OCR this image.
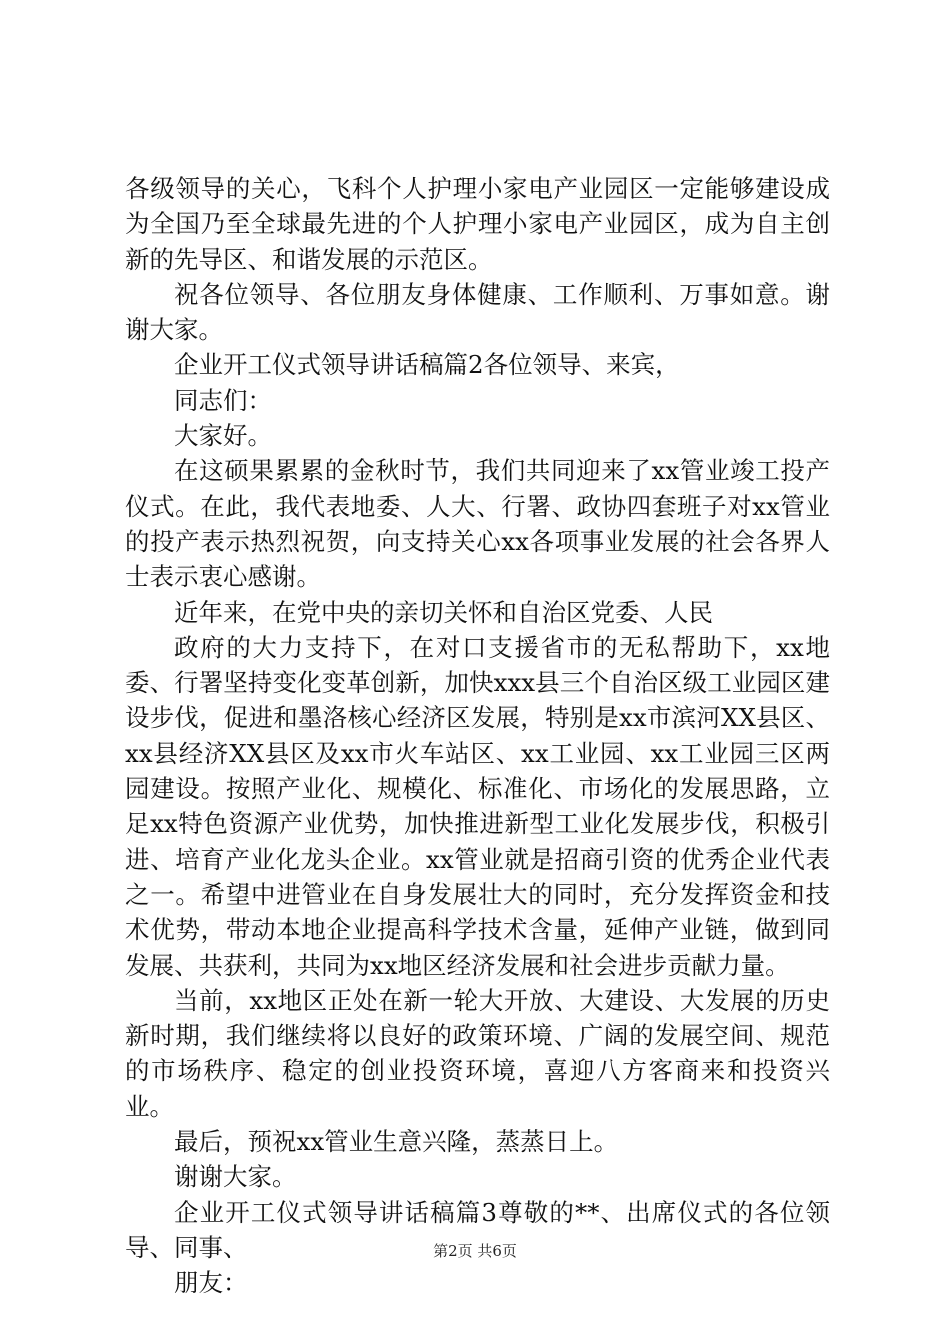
各级领导的关心，飞科个人护理小家电产业园区一定能够建设成为全国乃至全球最先进的个人护理小家电产业园区，成为自主创新的先导区、和谐发展的示范区。

祝各位领导、各位朋友身体健康、工作顺利、万事如意。谢谢大家。

企业开工仪式领导讲话稿篇2各位领导、来宾，

同志们：

大家好。

在这硕果累累的金秋时节，我们共同迎来了xx管业竣工投产仪式。在此，我代表地委、人大、行署、政协四套班子对xx管业的投产表示热烈祝贺，向支持关心xx各项事业发展的社会各界人士表示衷心感谢。

近年来，在党中央的亲切关怀和自治区党委、人民

政府的大力支持下，在对口支援省市的无私帮助下，xx地委、行署坚持变化变革创新，加快xxx县三个自治区级工业园区建设步伐，促进和墨洛核心经济区发展，特别是xx市滨河XX县区、xx县经济XX县区及xx市火车站区、xx工业园、xx工业园三区两园建设。按照产业化、规模化、标准化、市场化的发展思路，立足xx特色资源产业优势，加快推进新型工业化发展步伐，积极引进、培育产业化龙头企业。xx管业就是招商引资的优秀企业代表之一。希望中进管业在自身发展壮大的同时，充分发挥资金和技术优势，带动本地企业提高科学技术含量，延伸产业链，做到同发展、共获利，共同为xx地区经济发展和社会进步贡献力量。

当前，xx地区正处在新一轮大开放、大建设、大发展的历史新时期，我们继续将以良好的政策环境、广阔的发展空间、规范的市场秩序、稳定的创业投资环境，喜迎八方客商来和投资兴业。

最后，预祝xx管业生意兴隆，蒸蒸日上。

谢谢大家。

企业开工仪式领导讲话稿篇3尊敬的**、出席仪式的各位领导、同事、

朋友：

第2页 共6页
